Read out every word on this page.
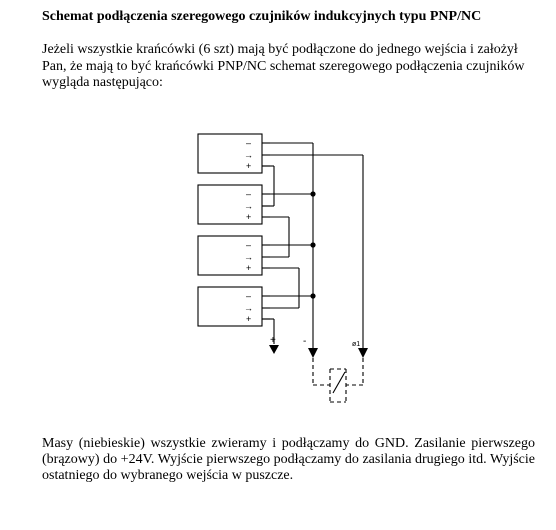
Schemat podłączenia szeregowego czujników indukcyjnych typu PNP/NC

Jeżeli wszystkie krańcówki (6 szt) mają być podłączone do jednego wejścia i założył Pan, że mają to być krańcówki PNP/NC schemat szeregowego podłączenia czujników wygląda następująco:

–
→
+
–
→
+
–
→
+
–
→
+
+	-	ø1

Masy (niebieskie) wszystkie zwieramy i podłączamy do GND. Zasilanie pierwszego (brązowy) do +24V. Wyjście pierwszego podłączamy do zasilania drugiego itd. Wyjście ostatniego do wybranego wejścia w puszcze.
